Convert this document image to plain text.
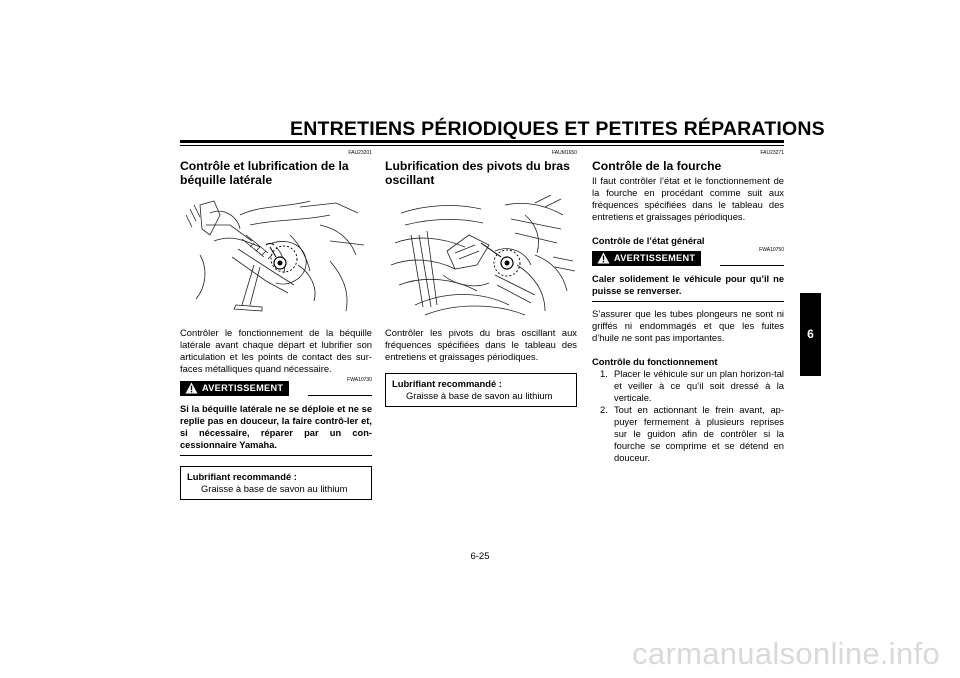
ENTRETIENS PÉRIODIQUES ET PETITES RÉPARATIONS
FAU23201
Contrôle et lubrification de la
béquille latérale

Contrôler le fonctionnement de la béquille latérale avant chaque départ et lubrifier son articulation et les points de contact des sur-faces métalliques quand nécessaire.

AVERTISSEMENT
FWA10730

Si la béquille latérale ne se déploie et ne se replie pas en douceur, la faire contrô-ler et, si nécessaire, réparer par un con-cessionnaire Yamaha.

Lubrifiant recommandé :
Graisse à base de savon au lithium
FAUM1650
Lubrification des pivots du bras
oscillant

Contrôler les pivots du bras oscillant aux fréquences spécifiées dans le tableau des entretiens et graissages périodiques.

Lubrifiant recommandé :
Graisse à base de savon au lithium
FAU23271
Contrôle de la fourche

Il faut contrôler l’état et le fonctionnement de la fourche en procédant comme suit aux fréquences spécifiées dans le tableau des entretiens et graissages périodiques.

Contrôle de l’état général

AVERTISSEMENT
FWA10750

Caler solidement le véhicule pour qu’il ne puisse se renverser.

S’assurer que les tubes plongeurs ne sont ni griffés ni endommagés et que les fuites d’huile ne sont pas importantes.

Contrôle du fonctionnement

1. Placer le véhicule sur un plan horizon-tal et veiller à ce qu’il soit dressé à la verticale.
2. Tout en actionnant le frein avant, ap-puyer fermement à plusieurs reprises sur le guidon afin de contrôler si la fourche se comprime et se détend en douceur.
6
6-25
carmanualsonline.info
